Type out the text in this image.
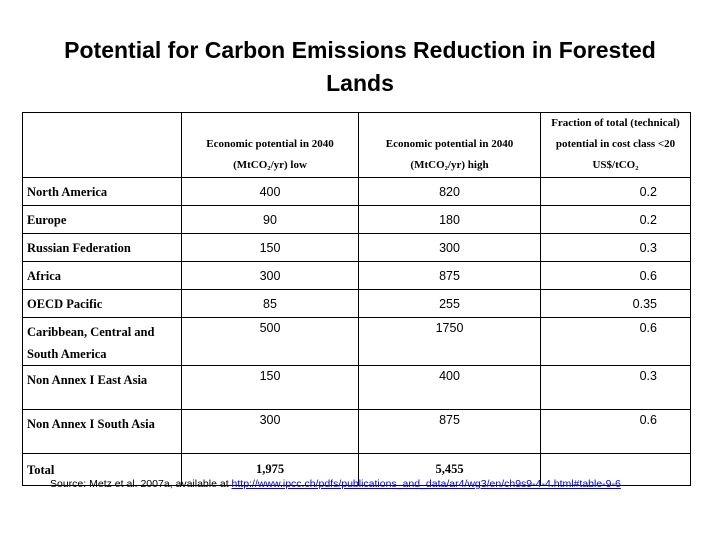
Potential for Carbon Emissions Reduction in Forested Lands
	Economic potential in 2040 (MtCO₂/yr) low	Economic potential in 2040 (MtCO₂/yr) high	Fraction of total (technical) potential in cost class <20 US$/tCO₂
North America	400	820	0.2
Europe	90	180	0.2
Russian Federation	150	300	0.3
Africa	300	875	0.6
OECD Pacific	85	255	0.35
Caribbean, Central and South America	500	1750	0.6
Non Annex I East Asia	150	400	0.3
Non Annex I South Asia	300	875	0.6
Total	1,975	5,455	
Source: Metz et al. 2007a, available at http://www.ipcc.ch/pdfs/publications_and_data/ar4/wg3/en/ch9s9-4-4.html#table-9-6
